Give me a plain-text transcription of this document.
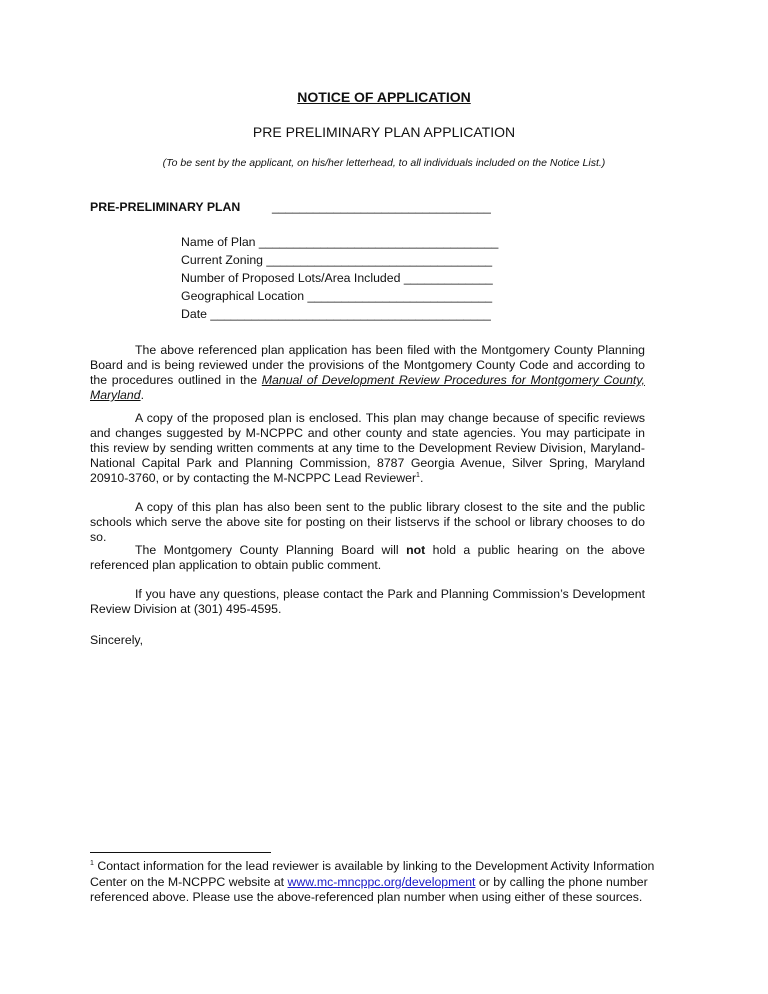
NOTICE OF APPLICATION
PRE PRELIMINARY PLAN APPLICATION
(To be sent by the applicant, on his/her letterhead, to all individuals included on the Notice List.)
PRE-PRELIMINARY PLAN	________________________________
Name of Plan ___________________________________
Current Zoning _________________________________
Number of Proposed Lots/Area Included _____________
Geographical Location ___________________________
Date _________________________________________
The above referenced plan application has been filed with the Montgomery County Planning Board and is being reviewed under the provisions of the Montgomery County Code and according to the procedures outlined in the Manual of Development Review Procedures for Montgomery County, Maryland.
A copy of the proposed plan is enclosed. This plan may change because of specific reviews and changes suggested by M-NCPPC and other county and state agencies. You may participate in this review by sending written comments at any time to the Development Review Division, Maryland-National Capital Park and Planning Commission, 8787 Georgia Avenue, Silver Spring, Maryland 20910-3760, or by contacting the M-NCPPC Lead Reviewer$^1$.
A copy of this plan has also been sent to the public library closest to the site and the public schools which serve the above site for posting on their listservs if the school or library chooses to do so.
The Montgomery County Planning Board will not hold a public hearing on the above referenced plan application to obtain public comment.
If you have any questions, please contact the Park and Planning Commission’s Development Review Division at (301) 495-4595.
Sincerely,
$^1$ Contact information for the lead reviewer is available by linking to the Development Activity Information Center on the M-NCPPC website at www.mc-mncppc.org/development or by calling the phone number referenced above. Please use the above-referenced plan number when using either of these sources.
